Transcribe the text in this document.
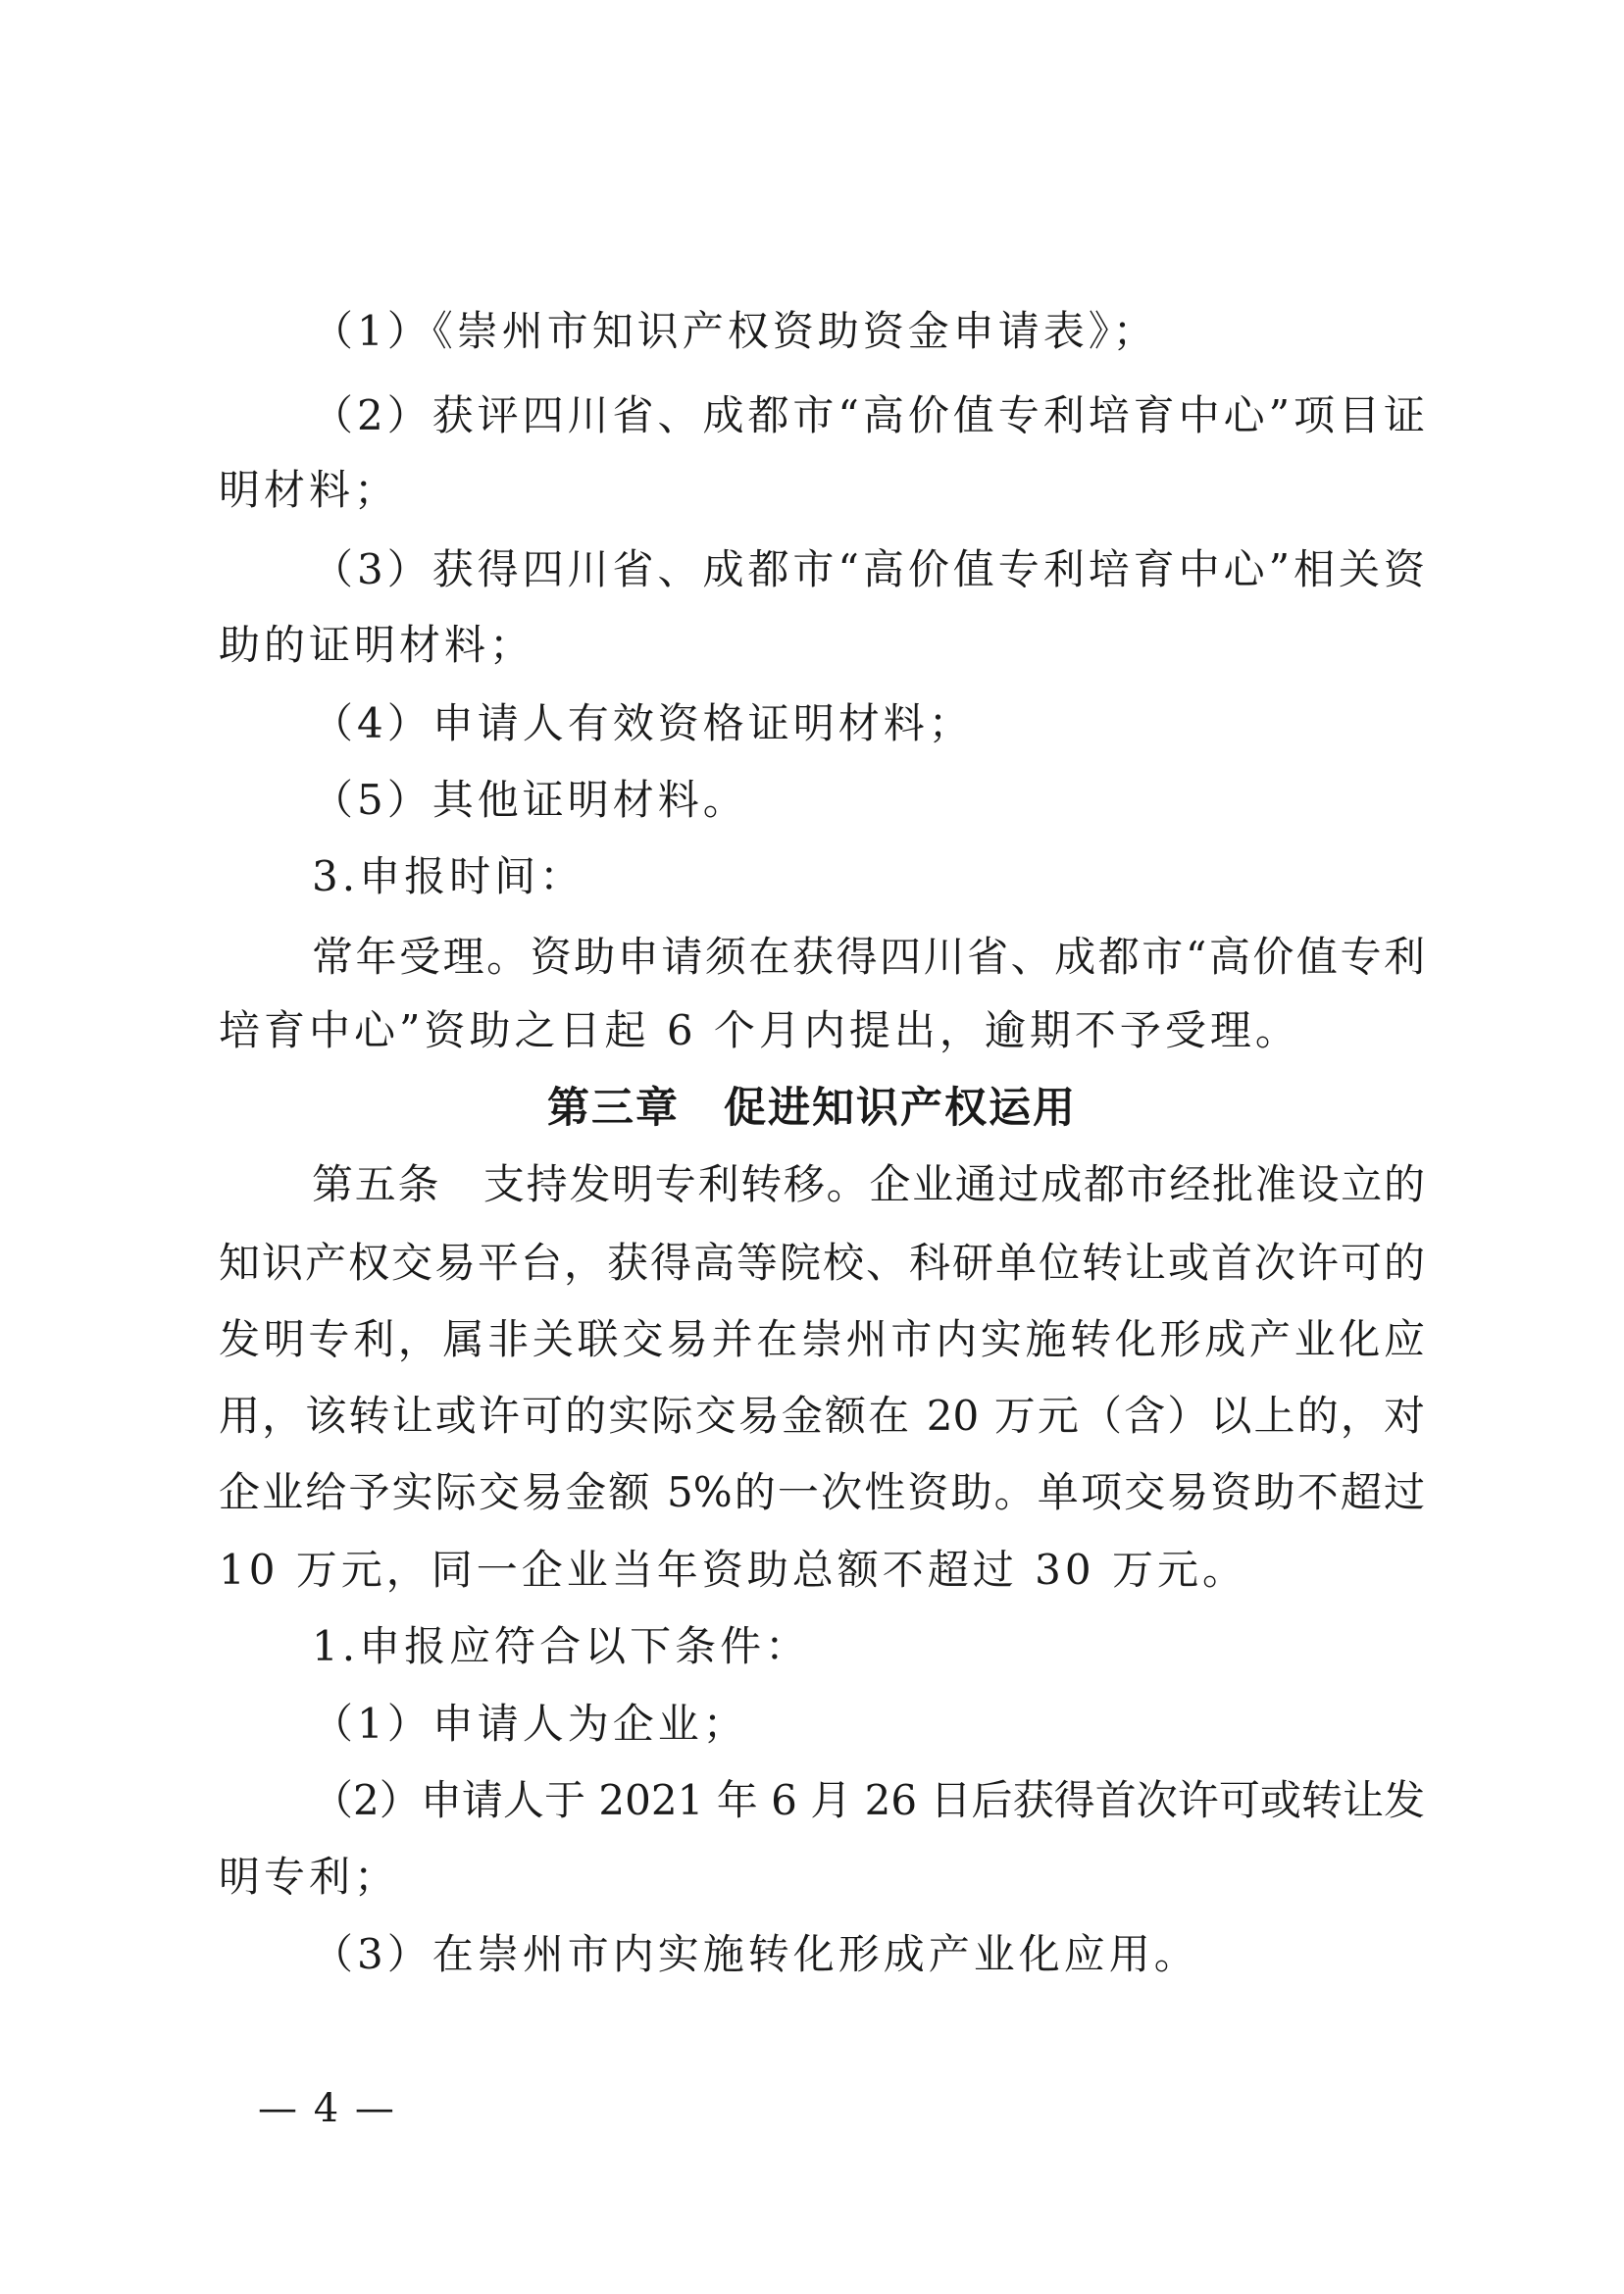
（1）《崇州市知识产权资助资金申请表》；
（2）获评四川省、成都市“高价值专利培育中心”项目证
明材料；
（3）获得四川省、成都市“高价值专利培育中心”相关资
助的证明材料；
（4）申请人有效资格证明材料；
（5）其他证明材料。
3.申报时间：
常年受理。资助申请须在获得四川省、成都市“高价值专利
培育中心”资助之日起 6 个月内提出，逾期不予受理。
第三章　促进知识产权运用
第五条　支持发明专利转移。企业通过成都市经批准设立的
知识产权交易平台，获得高等院校、科研单位转让或首次许可的
发明专利，属非关联交易并在崇州市内实施转化形成产业化应
用，该转让或许可的实际交易金额在 20 万元（含）以上的，对
企业给予实际交易金额 5%的一次性资助。单项交易资助不超过
10 万元，同一企业当年资助总额不超过 30 万元。
1.申报应符合以下条件：
（1）申请人为企业；
（2）申请人于 2021 年 6 月 26 日后获得首次许可或转让发
明专利；
（3）在崇州市内实施转化形成产业化应用。
— 4 —
